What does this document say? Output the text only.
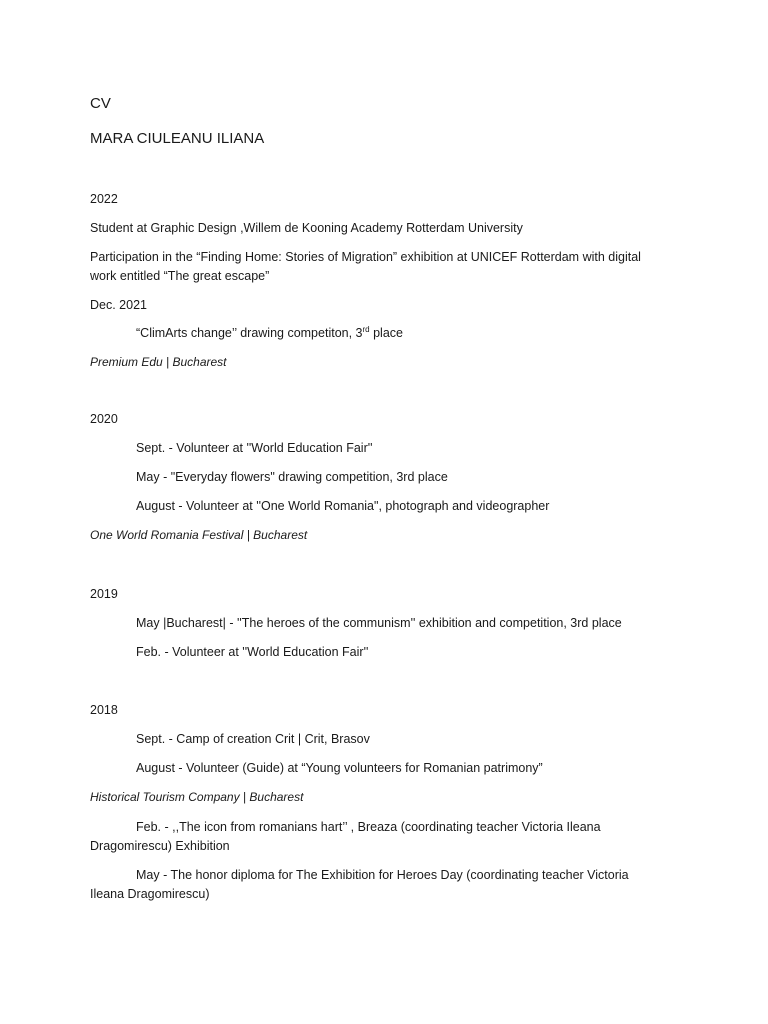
CV

MARA CIULEANU ILIANA

2022

Student at Graphic Design ,Willem de Kooning Academy Rotterdam University

Participation in the “Finding Home: Stories of Migration” exhibition at UNICEF Rotterdam with digital

work entitled “The great escape”

Dec. 2021

“ClimArts change’’ drawing competiton, 3rd place

Premium Edu | Bucharest

2020

Sept. - Volunteer at ''World Education Fair''

May - "Everyday flowers" drawing competition, 3rd place

August - Volunteer at ''One World Romania", photograph and videographer

One World Romania Festival | Bucharest

2019

May |Bucharest| - ''The heroes of the communism'' exhibition and competition, 3rd place

Feb. - Volunteer at ''World Education Fair''

2018

Sept. - Camp of creation Crit | Crit, Brasov

August - Volunteer (Guide) at “Young volunteers for Romanian patrimony”

Historical Tourism Company | Bucharest

Feb. - ,,The icon from romanians hart’’ , Breaza (coordinating teacher Victoria Ileana

Dragomirescu) Exhibition

May - The honor diploma for The Exhibition for Heroes Day (coordinating teacher Victoria

Ileana Dragomirescu)
